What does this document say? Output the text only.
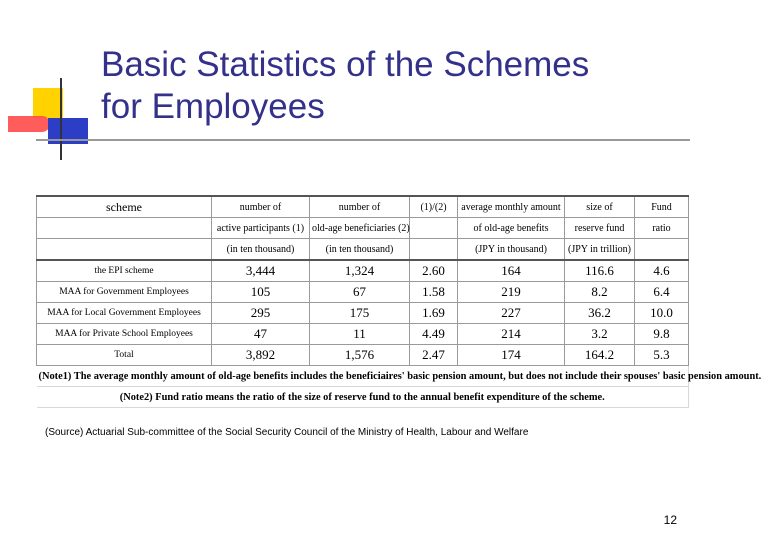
Basic Statistics of the Schemes
for Employees
scheme	number of	number of	(1)/(2)	average monthly amount	size of	Fund
	active participants (1)	old-age beneficiaries (2)		of old-age benefits	reserve fund	ratio
	(in ten thousand)	(in ten thousand)		(JPY in thousand)	(JPY in trillion)	
the EPI scheme	3,444	1,324	2.60	164	116.6	4.6
MAA for Government Employees	105	67	1.58	219	8.2	6.4
MAA for Local Government Employees	295	175	1.69	227	36.2	10.0
MAA for Private School Employees	47	11	4.49	214	3.2	9.8
Total	3,892	1,576	2.47	174	164.2	5.3
(Note1) The average monthly amount of old-age benefits includes the beneficiaires' basic pension amount, but does not include their spouses' basic pension amount.						
(Note2) Fund ratio means the ratio of the size of reserve fund to the annual benefit expenditure of the scheme.						
(Source) Actuarial Sub-committee of the Social Security Council of the Ministry of Health, Labour and Welfare
12
